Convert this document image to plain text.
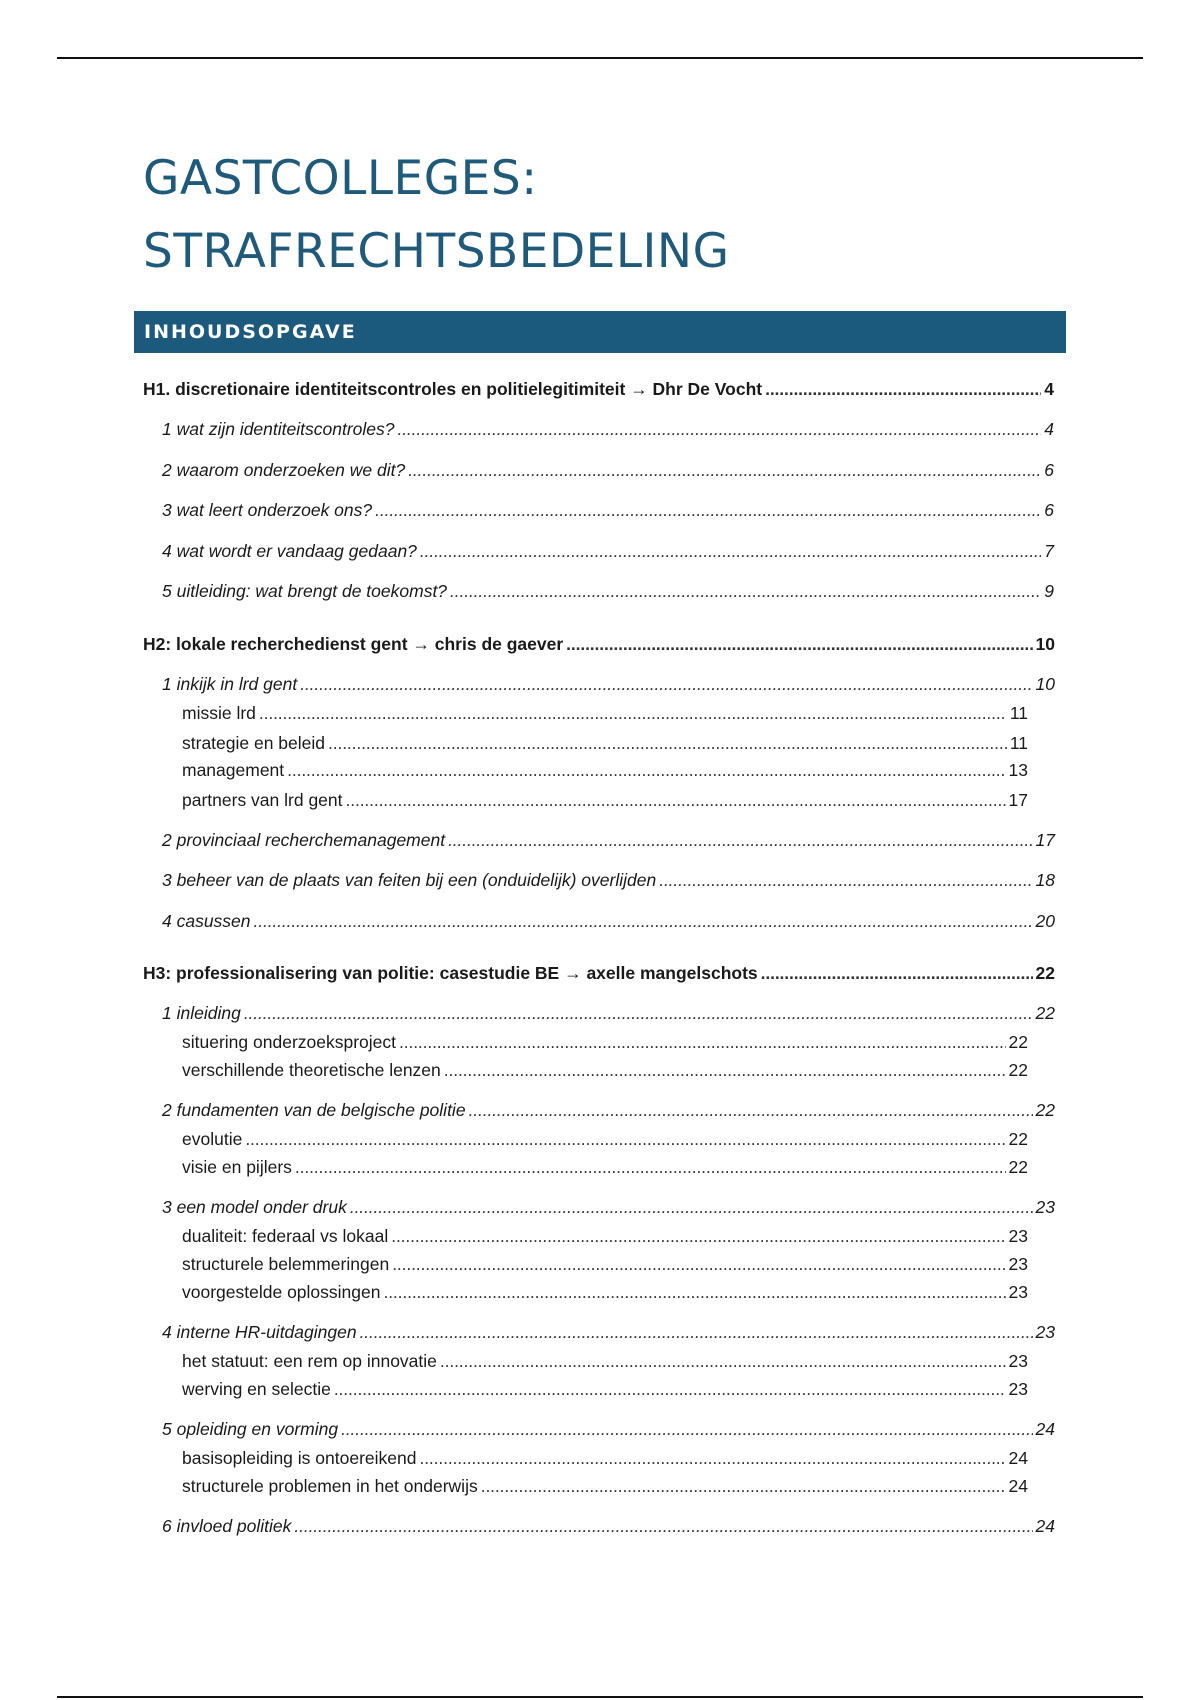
GASTCOLLEGES:
STRAFRECHTSBEDELING
INHOUDSOPGAVE
H1. discretionaire identiteitscontroles en politielegitimiteit → Dhr De Vocht . . .	4
1 wat zijn identiteitscontroles? . . .	4
2 waarom onderzoeken we dit? . . .	6
3 wat leert onderzoek ons? . . .	6
4 wat wordt er vandaag gedaan? . . .	7
5 uitleiding: wat brengt de toekomst? . . .	9
H2: lokale recherchedienst gent → chris de gaever . . .	10
1 inkijk in lrd gent . . .	10
missie lrd . . .	11
strategie en beleid . . .	11
management . . .	13
partners van lrd gent . . .	17
2 provinciaal recherchemanagement . . .	17
3 beheer van de plaats van feiten bij een (onduidelijk) overlijden . . .	18
4 casussen . . .	20
H3: professionalisering van politie: casestudie BE → axelle mangelschots . . .	22
1 inleiding . . .	22
situering onderzoeksproject . . .	22
verschillende theoretische lenzen . . .	22
2 fundamenten van de belgische politie . . .	22
evolutie . . .	22
visie en pijlers . . .	22
3 een model onder druk . . .	23
dualiteit: federaal vs lokaal . . .	23
structurele belemmeringen . . .	23
voorgestelde oplossingen . . .	23
4 interne HR-uitdagingen . . .	23
het statuut: een rem op innovatie . . .	23
werving en selectie . . .	23
5 opleiding en vorming . . .	24
basisopleiding is ontoereikend . . .	24
structurele problemen in het onderwijs . . .	24
6 invloed politiek . . .	24
